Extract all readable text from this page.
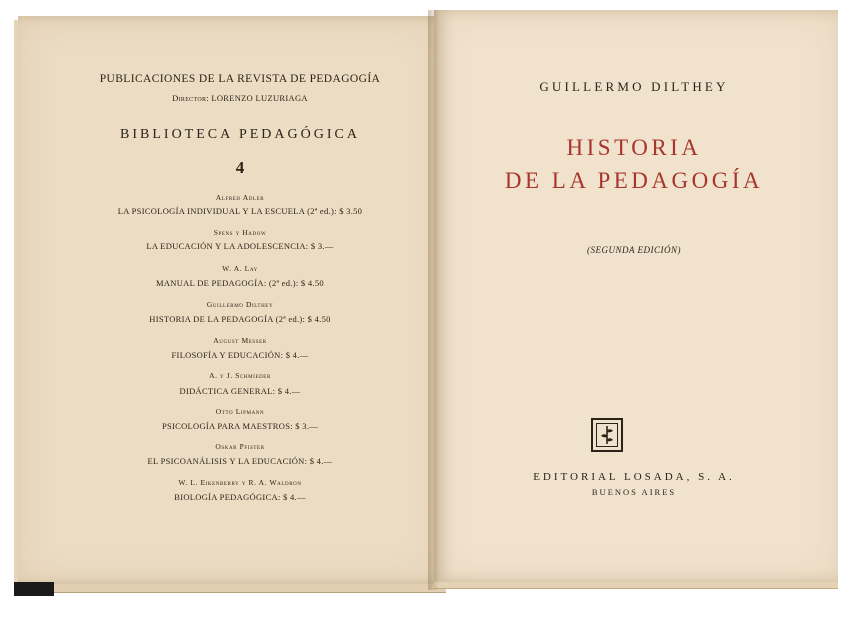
PUBLICACIONES DE LA REVISTA DE PEDAGOGÍA
Director: LORENZO LUZURIAGA
BIBLIOTECA PEDAGÓGICA
4
Alfred Adler
LA PSICOLOGÍA INDIVIDUAL Y LA ESCUELA (2ª ed.): $ 3.50
Spens y Hadow
LA EDUCACIÓN Y LA ADOLESCENCIA: $ 3.—
W. A. Lay
MANUAL DE PEDAGOGÍA: (2ª ed.): $ 4.50
Guillermo Dilthey
HISTORIA DE LA PEDAGOGÍA (2ª ed.): $ 4.50
August Messer
FILOSOFÍA Y EDUCACIÓN: $ 4.—
A. y J. Schmieder
DIDÁCTICA GENERAL: $ 4.—
Otto Lipmann
PSICOLOGÍA PARA MAESTROS: $ 3.—
Oskar Pfister
EL PSICOANÁLISIS Y LA EDUCACIÓN: $ 4.—
W. L. Eikenberry y R. A. Waldron
BIOLOGÍA PEDAGÓGICA: $ 4.—
GUILLERMO DILTHEY
HISTORIA
DE LA PEDAGOGÍA
(SEGUNDA EDICIÓN)
EDITORIAL LOSADA, S. A.
BUENOS AIRES
